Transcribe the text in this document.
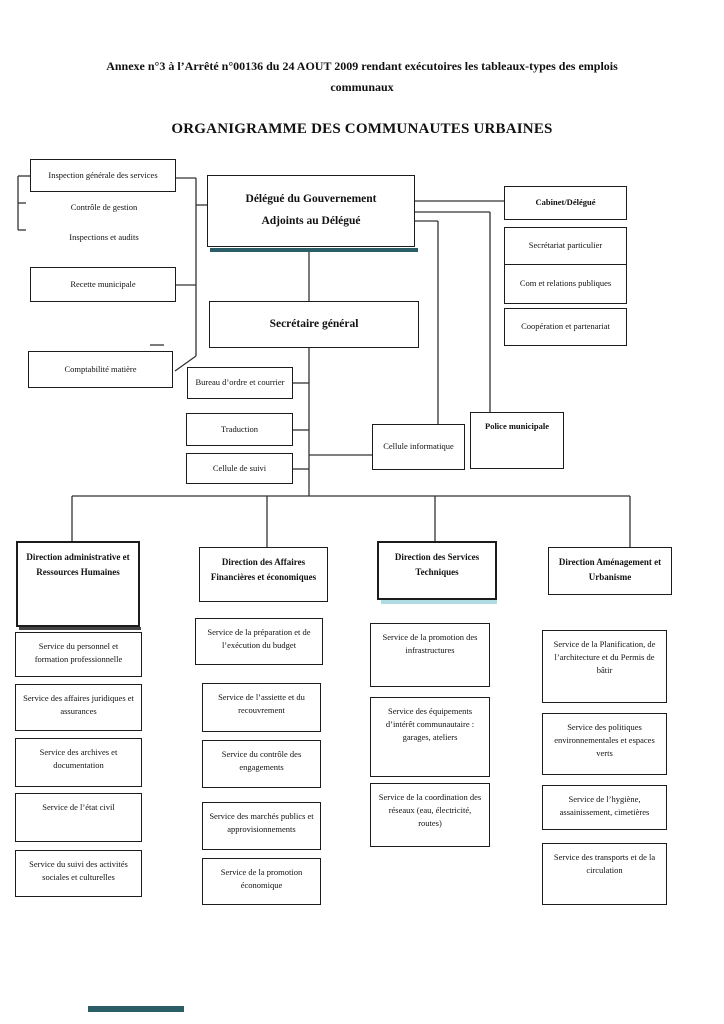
Annexe n°3 à l’Arrêté n°00136 du 24 AOUT 2009 rendant exécutoires les tableaux-types des emplois
communaux
ORGANIGRAMME DES COMMUNAUTES URBAINES
Inspection générale des services
Contrôle de gestion
Inspections et audits
Recette municipale
Comptabilité matière
Délégué du Gouvernement
Adjoints au Délégué
Secrétaire général
Cabinet/Délégué
Secrétariat particulier
Com et relations publiques
Coopération et partenariat
Bureau d’ordre et courrier
Traduction
Cellule de suivi
Cellule informatique
Police municipale
Direction administrative et Ressources Humaines
Direction des Affaires Financières et économiques
Direction des Services Techniques
Direction Aménagement et Urbanisme
Service du personnel et formation professionnelle
Service des affaires juridiques et assurances
Service des archives et documentation
Service de l’état civil
Service du suivi des activités sociales et culturelles
Service de la préparation et de l’exécution du budget
Service de l’assiette et du recouvrement
Service du contrôle des engagements
Service des marchés publics et approvisionnements
Service de la promotion économique
Service de la promotion des infrastructures
Service des équipements d’intérêt communautaire : garages, ateliers
Service de la coordination des réseaux (eau, électricité, routes)
Service de la Planification, de l’architecture et du Permis de bâtir
Service des politiques environnementales et espaces verts
Service de l’hygiène, assainissement, cimetières
Service des transports et de la circulation
